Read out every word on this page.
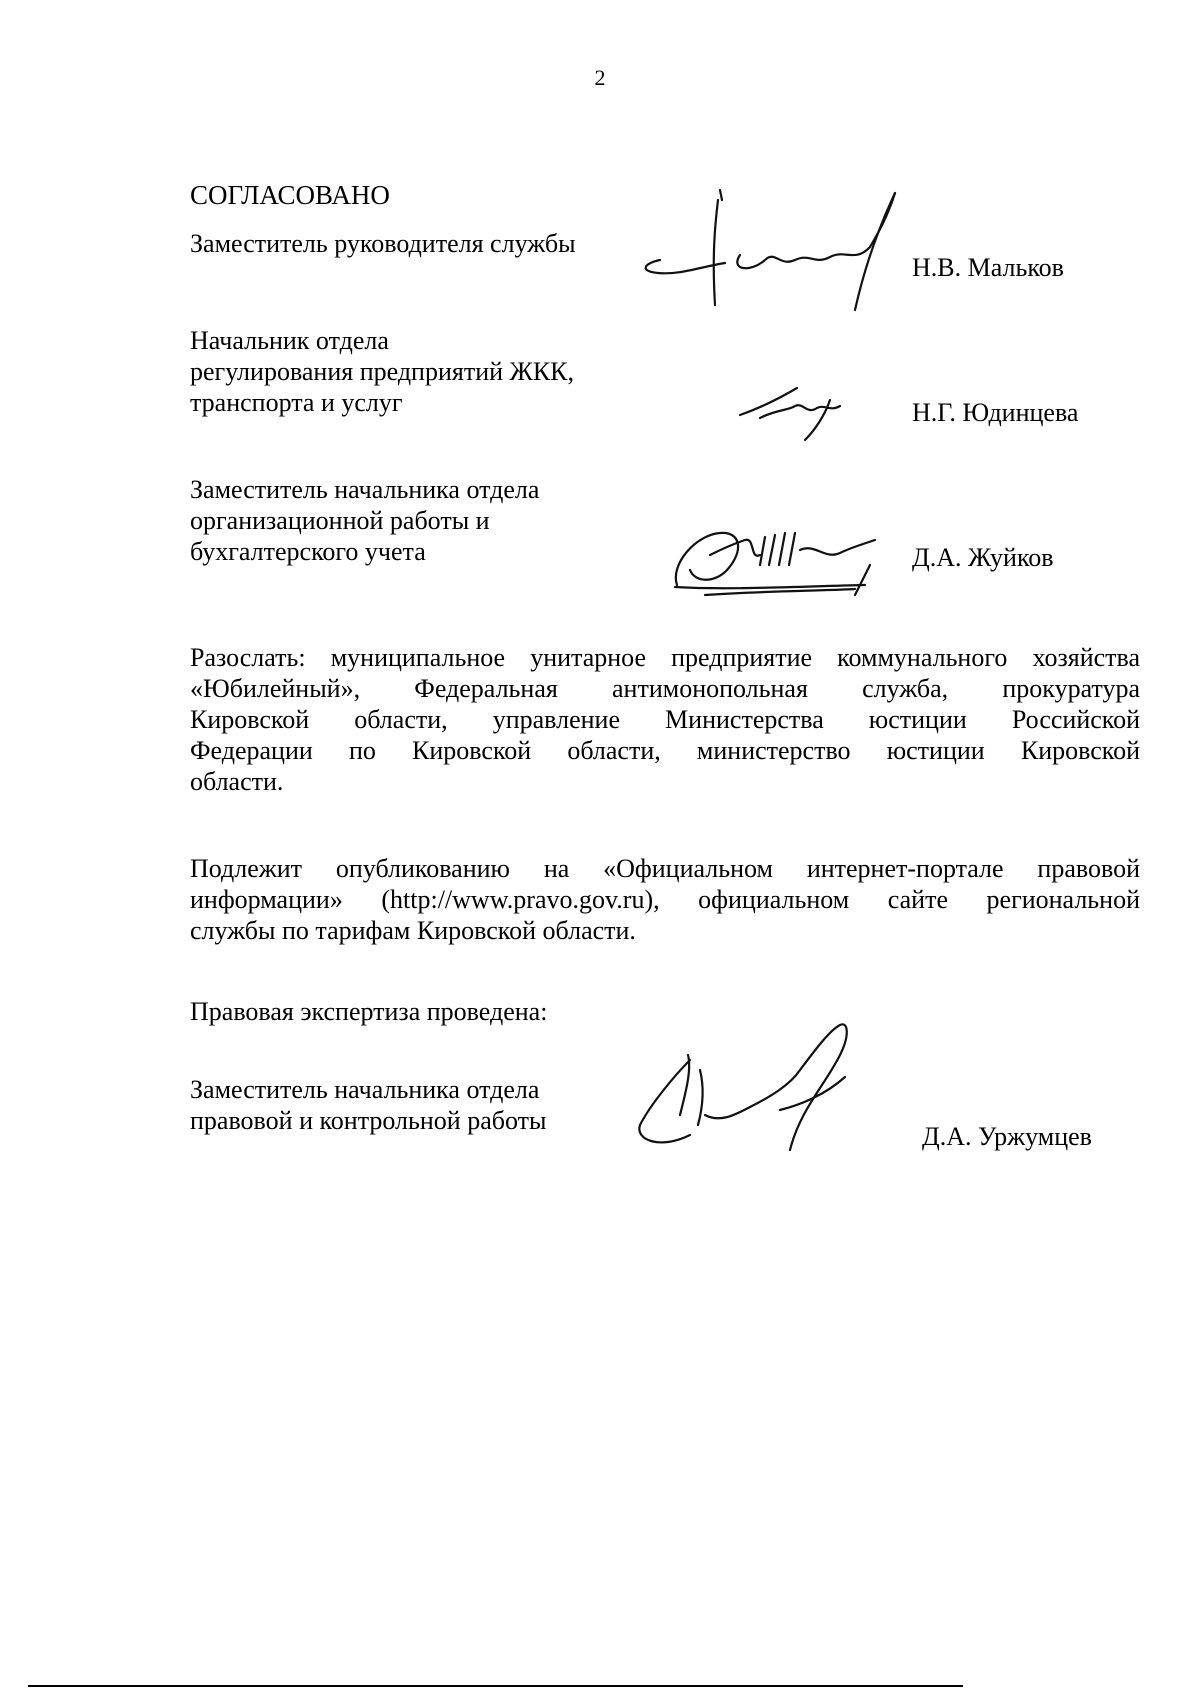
2
СОГЛАСОВАНО
Заместитель руководителя службы
Н.В. Мальков
Начальник отдела
регулирования предприятий ЖКК,
транспорта и услуг	Н.Г. Юдинцева
Заместитель начальника отдела
организационной работы и
бухгалтерского учета	Д.А. Жуйков
Разослать: муниципальное унитарное предприятие коммунального хозяйства
«Юбилейный», Федеральная антимонопольная служба, прокуратура
Кировской области, управление Министерства юстиции Российской
Федерации по Кировской области, министерство юстиции Кировской
области.
Подлежит опубликованию на «Официальном интернет-портале правовой
информации» (http://www.pravo.gov.ru), официальном сайте региональной
службы по тарифам Кировской области.
Правовая экспертиза проведена:
Заместитель начальника отдела
правовой и контрольной работы
Д.А. Уржумцев
